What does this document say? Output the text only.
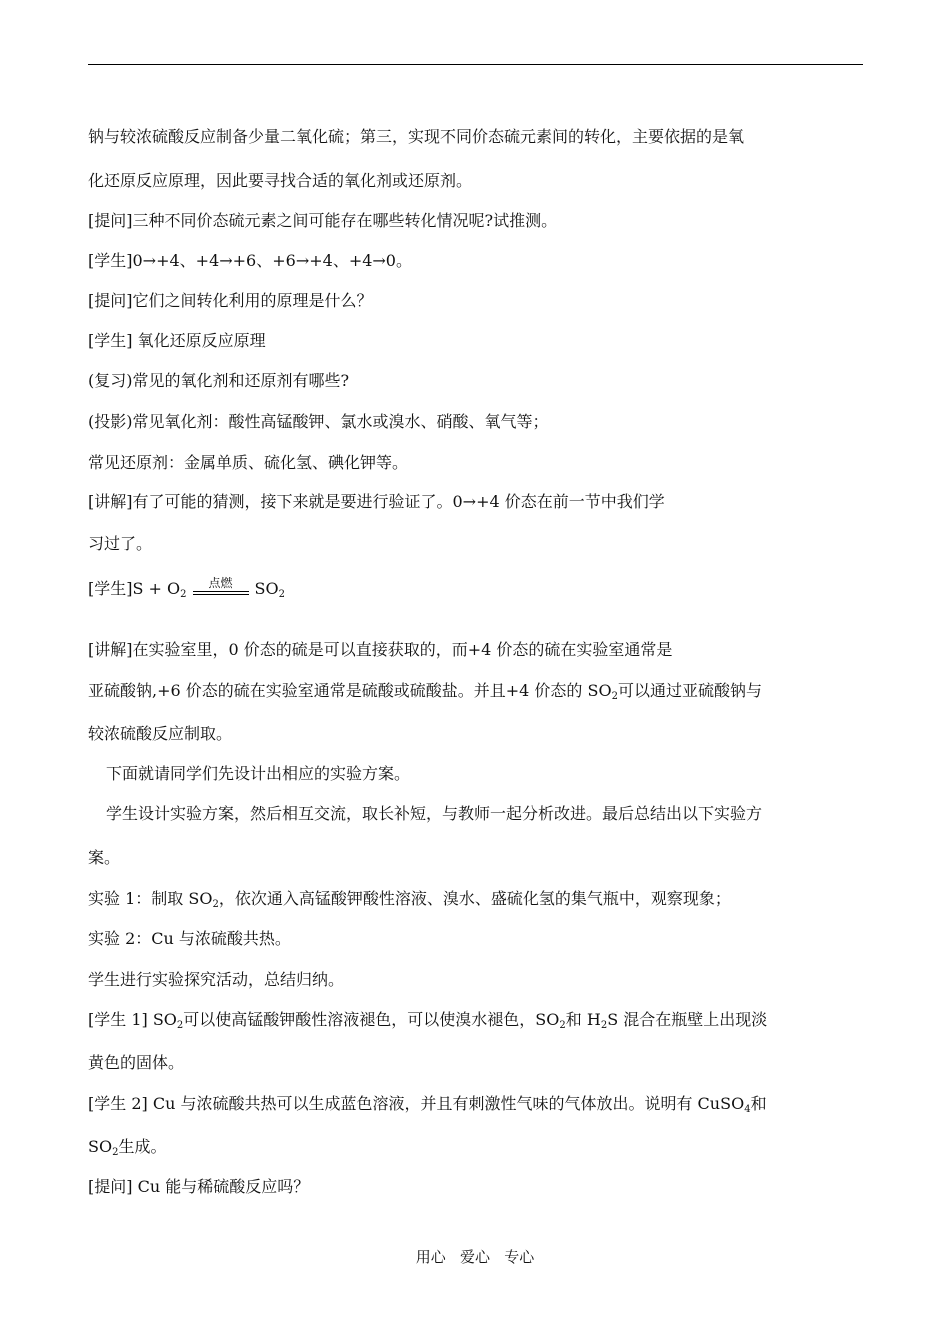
钠与较浓硫酸反应制备少量二氧化硫；第三，实现不同价态硫元素间的转化，主要依据的是氧
化还原反应原理，因此要寻找合适的氧化剂或还原剂。
[提问]三种不同价态硫元素之间可能存在哪些转化情况呢?试推测。
[学生]0→+4、+4→+6、+6→+4、+4→0。
[提问]它们之间转化利用的原理是什么？
[学生] 氧化还原反应原理
(复习)常见的氧化剂和还原剂有哪些?
(投影)常见氧化剂：酸性高锰酸钾、氯水或溴水、硝酸、氧气等；
常见还原剂：金属单质、硫化氢、碘化钾等。
[讲解]有了可能的猜测，接下来就是要进行验证了。0→+4 价态在前一节中我们学
习过了。
[学生]$S + O_2$
点燃	$SO_2$
[讲解]在实验室里，0 价态的硫是可以直接获取的，而+4 价态的硫在实验室通常是
亚硫酸钠,+6 价态的硫在实验室通常是硫酸或硫酸盐。并且+4 价态的 $SO_2$可以通过亚硫酸钠与
较浓硫酸反应制取。
下面就请同学们先设计出相应的实验方案。
学生设计实验方案，然后相互交流，取长补短，与教师一起分析改进。最后总结出以下实验方
案。
实验 1：制取 $SO_2$，依次通入高锰酸钾酸性溶液、溴水、盛硫化氢的集气瓶中，观察现象；
实验 2：Cu 与浓硫酸共热。
学生进行实验探究活动，总结归纳。
[学生 1] $SO_2$可以使高锰酸钾酸性溶液褪色，可以使溴水褪色，$SO_2$和 $H_2S$ 混合在瓶壁上出现淡
黄色的固体。
[学生 2] Cu 与浓硫酸共热可以生成蓝色溶液，并且有刺激性气味的气体放出。说明有 CuSO$_4$和
$SO_2$生成。
[提问] Cu 能与稀硫酸反应吗？
用心   爱心   专心
